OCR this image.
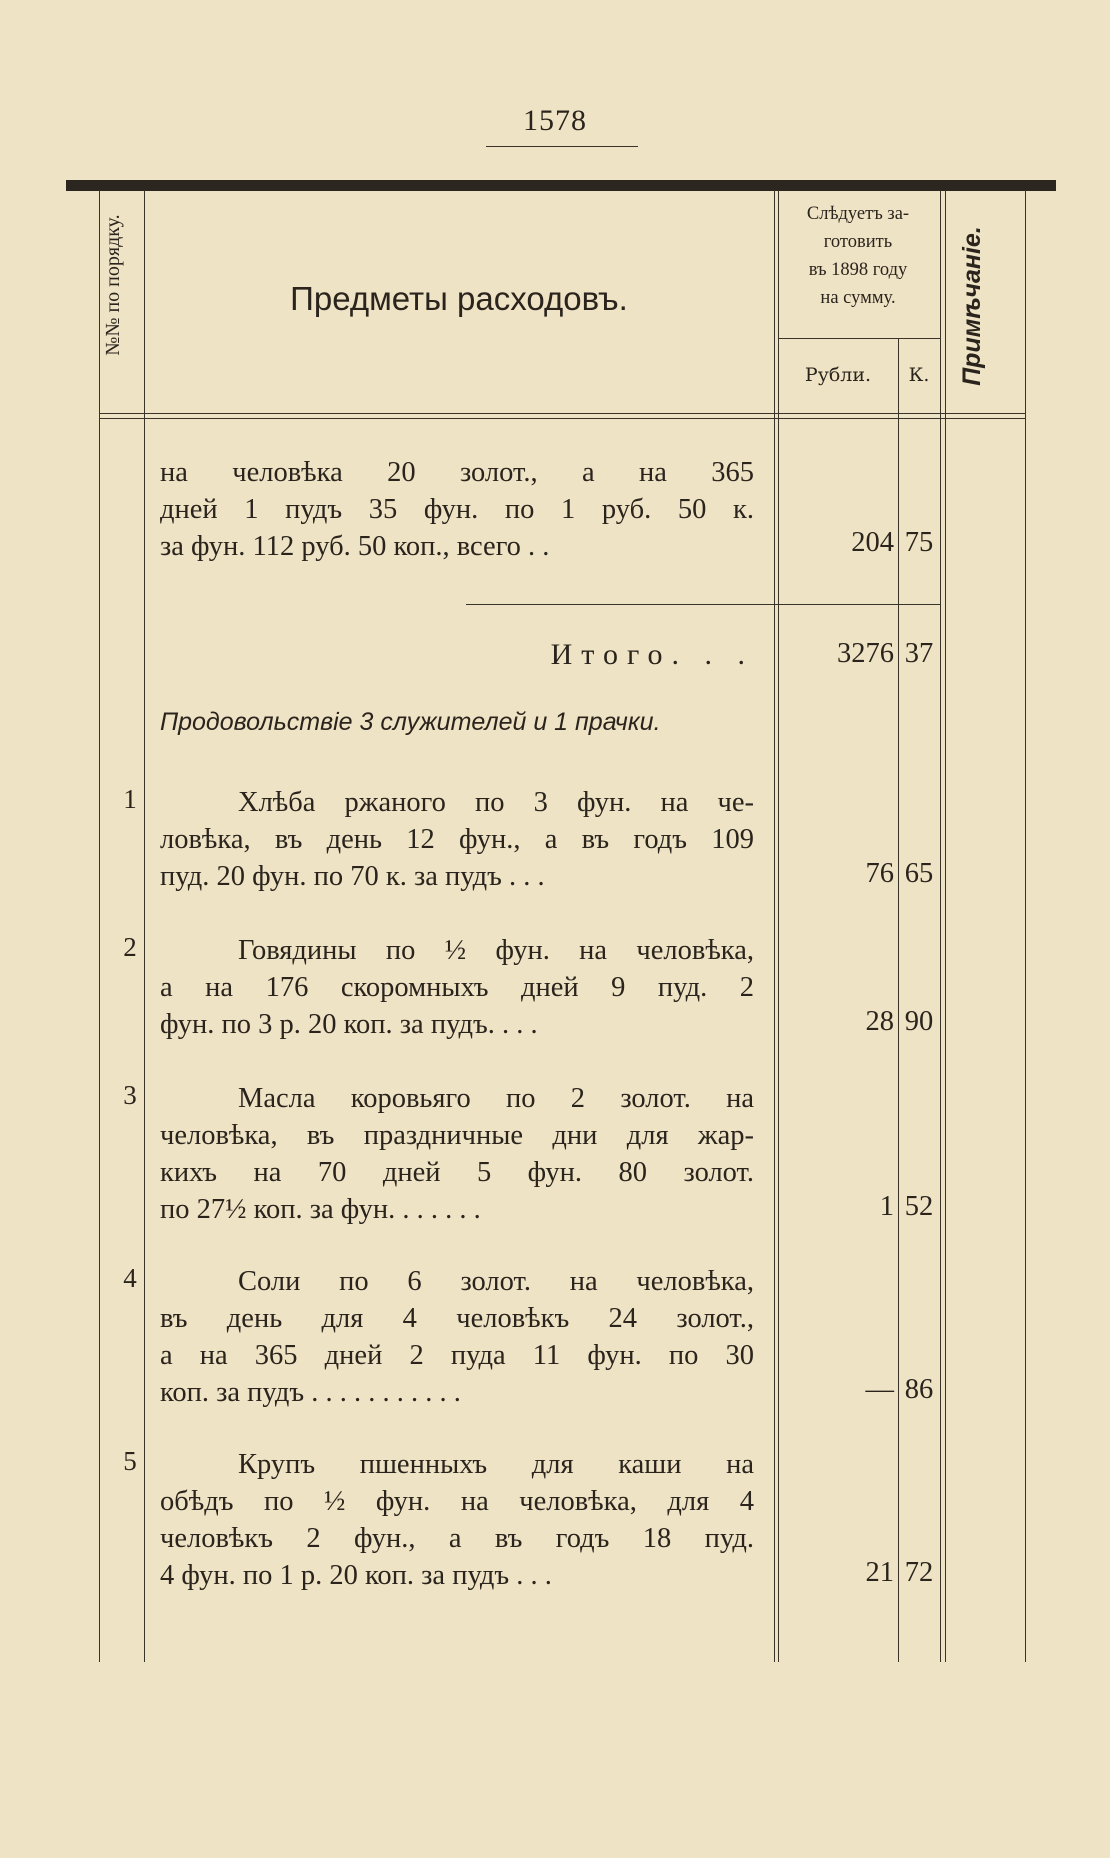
1578
№№ по порядку.	Предметы расходовъ.
Слѣдуетъ за-
готовить
въ 1898 году
на сумму.
Рубли.	К.	Примѣчаніе.
на человѣка 20 золот., а на 365
дней 1 пудъ 35 фун. по 1 руб. 50 к.
за фун. 112 руб. 50 коп., всего . .	204 75
Итого. . .	3276 37
Продовольствіе 3 служителей и 1 прачки.
1	Хлѣба ржаного по 3 фун. на че-
ловѣка, въ день 12 фун., а въ годъ 109
пуд. 20 фун. по 70 к. за пудъ . . .	76 65
2	Говядины по ½ фун. на человѣка,
а на 176 скоромныхъ дней 9 пуд. 2
фун. по 3 р. 20 коп. за пудъ. . . .	28 90
3	Масла коровьяго по 2 золот. на
человѣка, въ праздничные дни для жар-
кихъ на 70 дней 5 фун. 80 золот.
по 27½ коп. за фун. . . . . . .	1 52
4	Соли по 6 золот. на человѣка,
въ день для 4 человѣкъ 24 золот.,
а на 365 дней 2 пуда 11 фун. по 30
коп. за пудъ . . . . . . . . . . .	— 86
5	Крупъ пшенныхъ для каши на
обѣдъ по ½ фун. на человѣка, для 4
человѣкъ 2 фун., а въ годъ 18 пуд.
4 фун. по 1 р. 20 коп. за пудъ . . .	21 72
